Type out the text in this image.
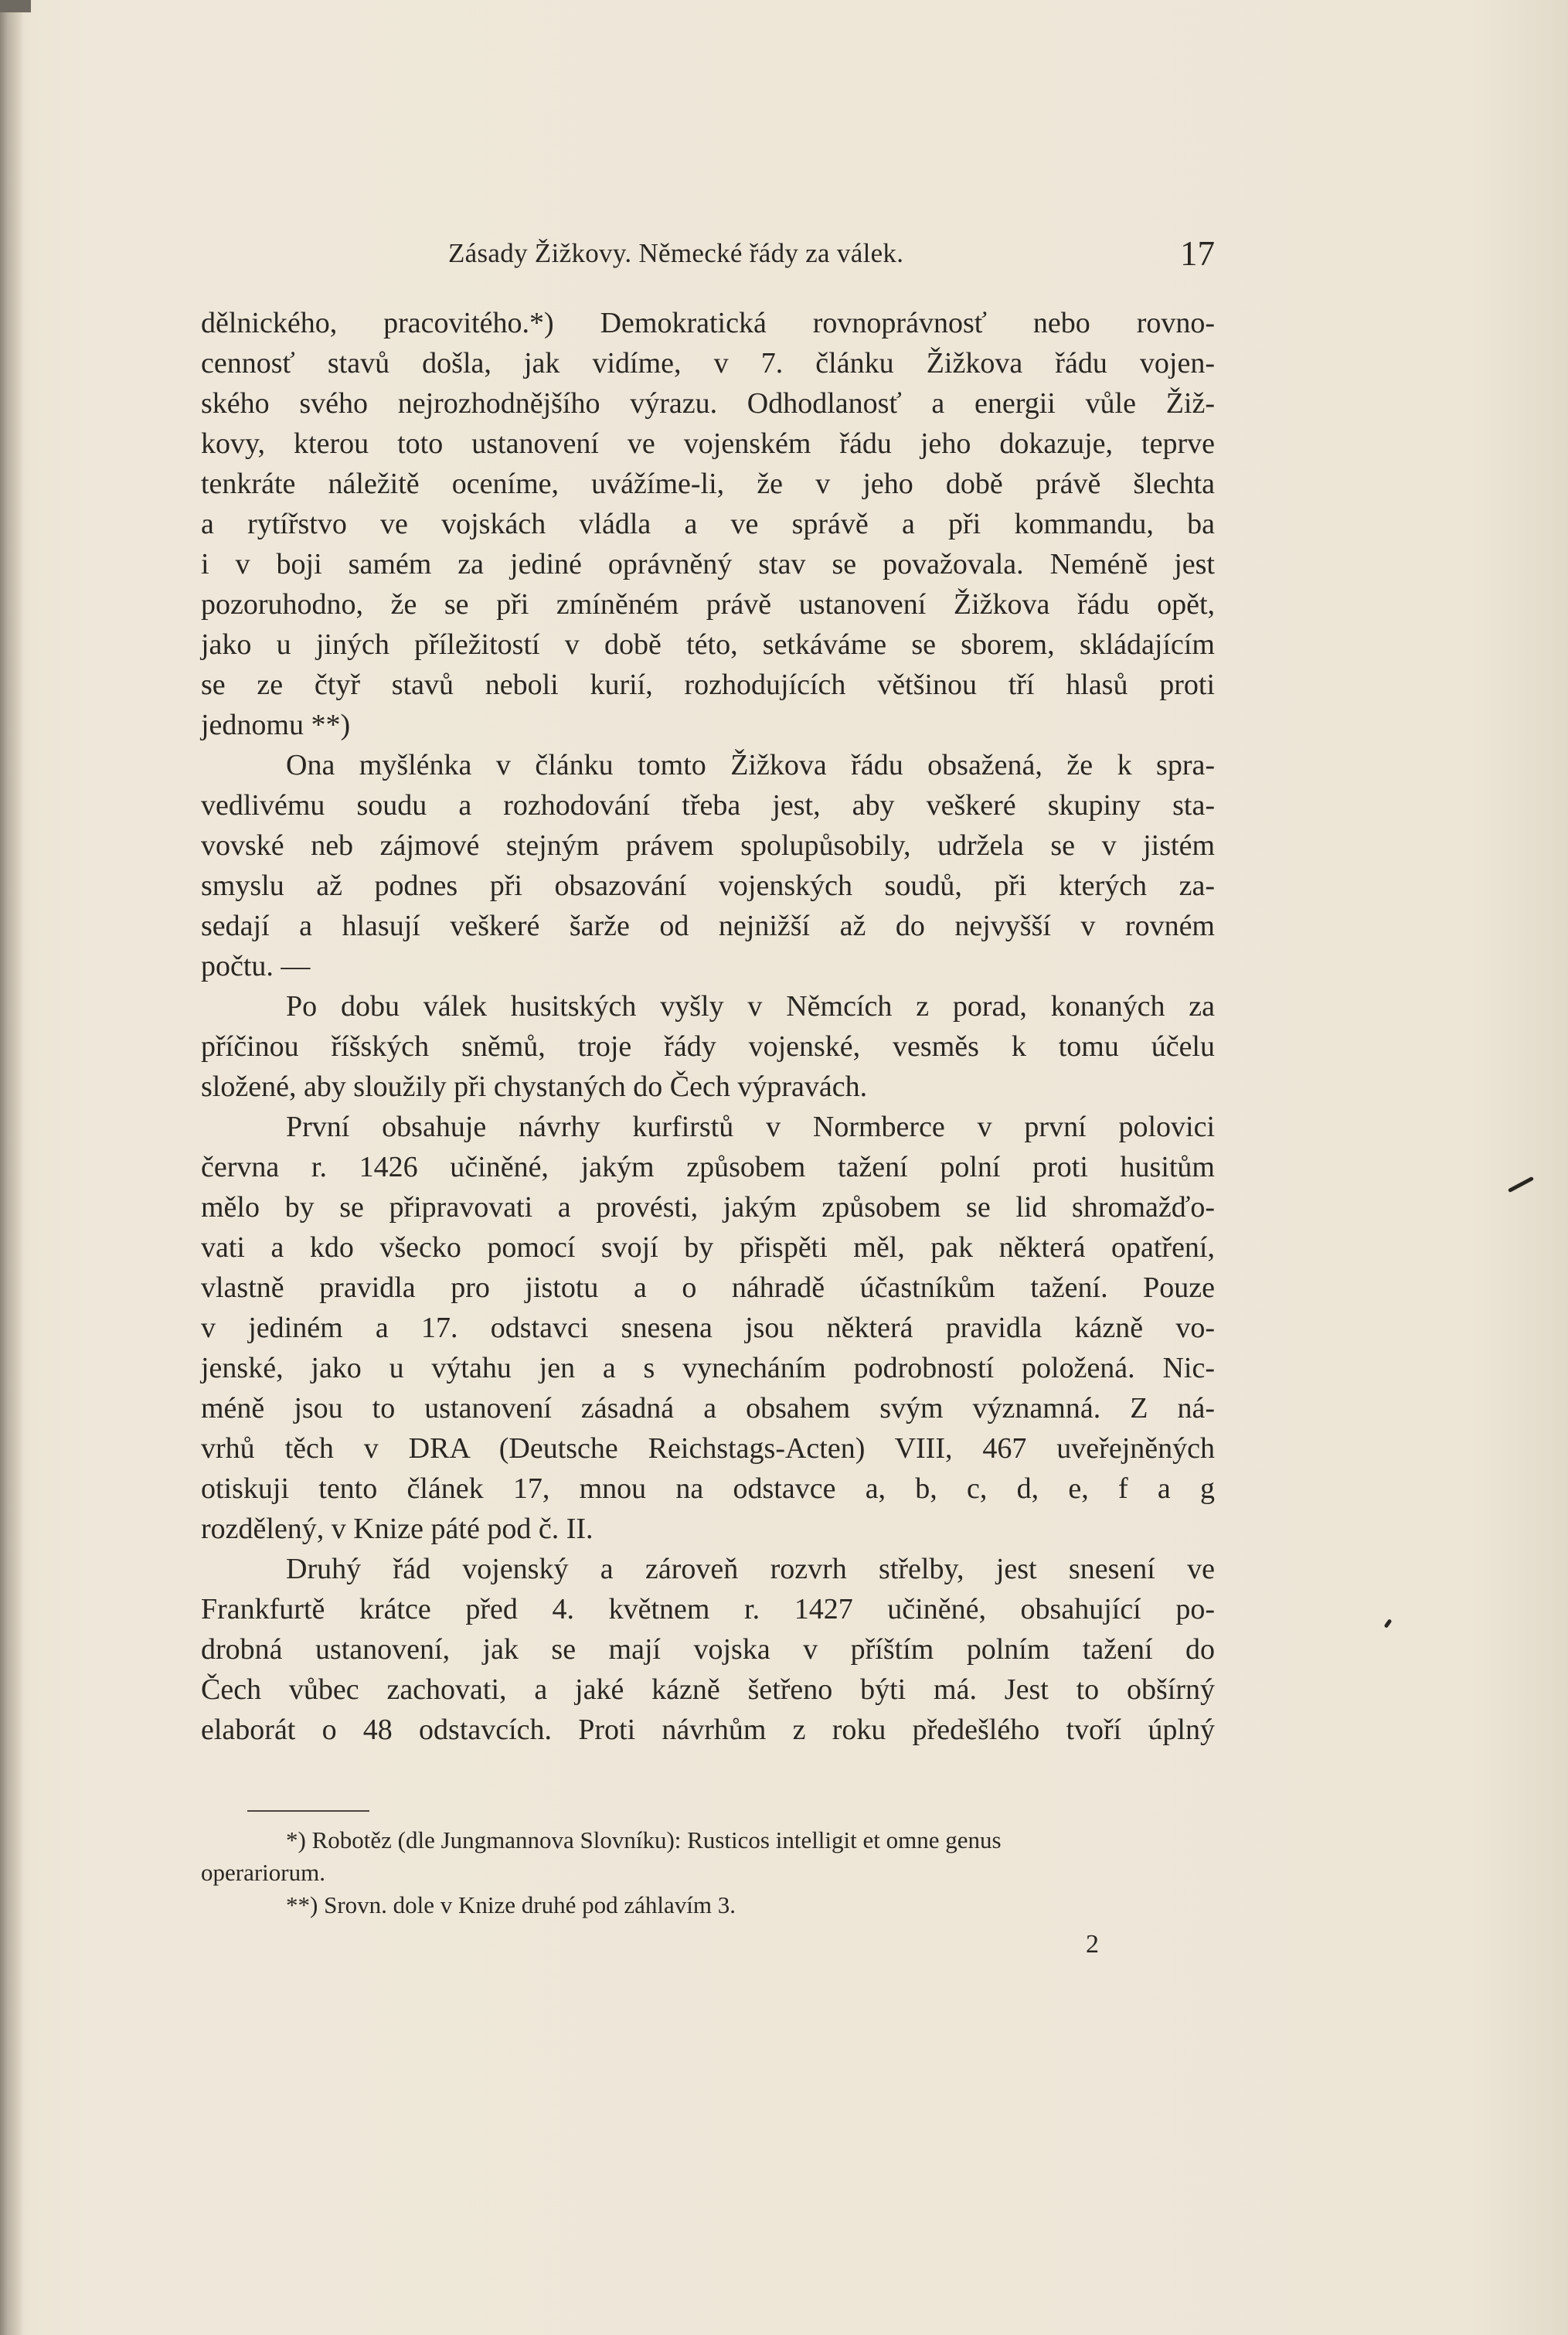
Zásady Žižkovy. Německé řády za válek.	17

dělnického, pracovitého.*) Demokratická rovnoprávnosť nebo rovno-
cennosť stavů došla, jak vidíme, v 7. článku Žižkova řádu vojen-
ského svého nejrozhodnějšího výrazu. Odhodlanosť a energii vůle Žiž-
kovy, kterou toto ustanovení ve vojenském řádu jeho dokazuje, teprve
tenkráte náležitě oceníme, uvážíme-li, že v jeho době právě šlechta
a rytířstvo ve vojskách vládla a ve správě a při kommandu, ba
i v boji samém za jediné oprávněný stav se považovala. Neméně jest
pozoruhodno, že se při zmíněném právě ustanovení Žižkova řádu opět,
jako u jiných příležitostí v době této, setkáváme se sborem, skládajícím
se ze čtyř stavů neboli kurií, rozhodujících většinou tří hlasů proti

jednomu **)

Ona myšlénka v článku tomto Žižkova řádu obsažená, že k spra-
vedlivému soudu a rozhodování třeba jest, aby veškeré skupiny sta-
vovské neb zájmové stejným právem spolupůsobily, udržela se v jistém
smyslu až podnes při obsazování vojenských soudů, při kterých za-
sedají a hlasují veškeré šarže od nejnižší až do nejvyšší v rovném

počtu. —

Po dobu válek husitských vyšly v Němcích z porad, konaných za
příčinou říšských sněmů, troje řády vojenské, vesměs k tomu účelu

složené, aby sloužily při chystaných do Čech výpravách.

První obsahuje návrhy kurfirstů v Normberce v první polovici
června r. 1426 učiněné, jakým způsobem tažení polní proti husitům
mělo by se připravovati a provésti, jakým způsobem se lid shromažďo-
vati a kdo všecko pomocí svojí by přispěti měl, pak některá opatření,
vlastně pravidla pro jistotu a o náhradě účastníkům tažení. Pouze
v jediném a 17. odstavci snesena jsou některá pravidla kázně vo-
jenské, jako u výtahu jen a s vynecháním podrobností položená. Nic-
méně jsou to ustanovení zásadná a obsahem svým významná. Z ná-
vrhů těch v DRA (Deutsche Reichstags-Acten) VIII, 467 uveřejněných
otiskuji tento článek 17, mnou na odstavce a, b, c, d, e, f a g

rozdělený, v Knize páté pod č. II.

Druhý řád vojenský a zároveň rozvrh střelby, jest snesení ve
Frankfurtě krátce před 4. květnem r. 1427 učiněné, obsahující po-
drobná ustanovení, jak se mají vojska v příštím polním tažení do
Čech vůbec zachovati, a jaké kázně šetřeno býti má. Jest to obšírný
elaborát o 48 odstavcích. Proti návrhům z roku předešlého tvoří úplný

*) Robotěz (dle Jungmannova Slovníku): Rusticos intelligit et omne genus
operariorum.

**) Srovn. dole v Knize druhé pod záhlavím 3.

2
